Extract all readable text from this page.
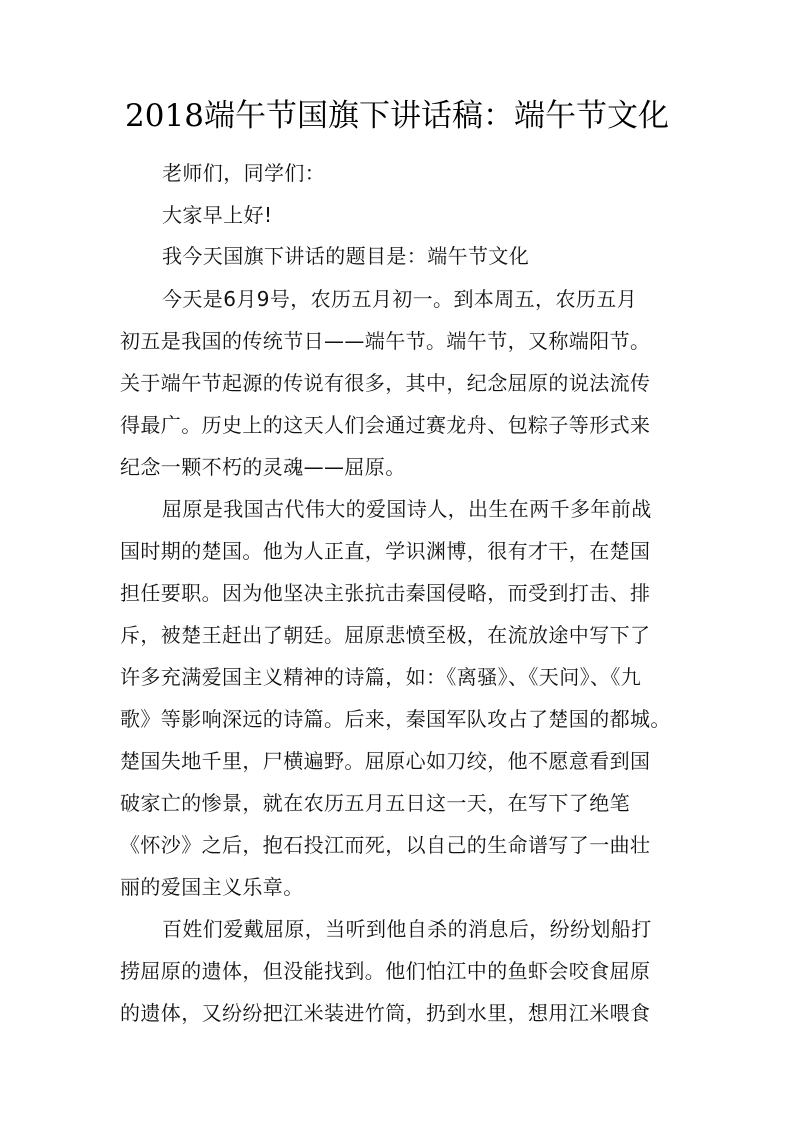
2018端午节国旗下讲话稿：端午节文化
老师们，同学们：
大家早上好!
我今天国旗下讲话的题目是：端午节文化
今天是6月9号，农历五月初一。到本周五，农历五月
初五是我国的传统节日——端午节。端午节，又称端阳节。
关于端午节起源的传说有很多，其中，纪念屈原的说法流传
得最广。历史上的这天人们会通过赛龙舟、包粽子等形式来
纪念一颗不朽的灵魂——屈原。
屈原是我国古代伟大的爱国诗人，出生在两千多年前战
国时期的楚国。他为人正直，学识渊博，很有才干，在楚国
担任要职。因为他坚决主张抗击秦国侵略，而受到打击、排
斥，被楚王赶出了朝廷。屈原悲愤至极，在流放途中写下了
许多充满爱国主义精神的诗篇，如：《离骚》、《天问》、《九
歌》等影响深远的诗篇。后来，秦国军队攻占了楚国的都城。
楚国失地千里，尸横遍野。屈原心如刀绞，他不愿意看到国
破家亡的惨景，就在农历五月五日这一天，在写下了绝笔
《怀沙》之后，抱石投江而死，以自己的生命谱写了一曲壮
丽的爱国主义乐章。
百姓们爱戴屈原，当听到他自杀的消息后，纷纷划船打
捞屈原的遗体，但没能找到。他们怕江中的鱼虾会咬食屈原
的遗体，又纷纷把江米装进竹筒，扔到水里，想用江米喂食
